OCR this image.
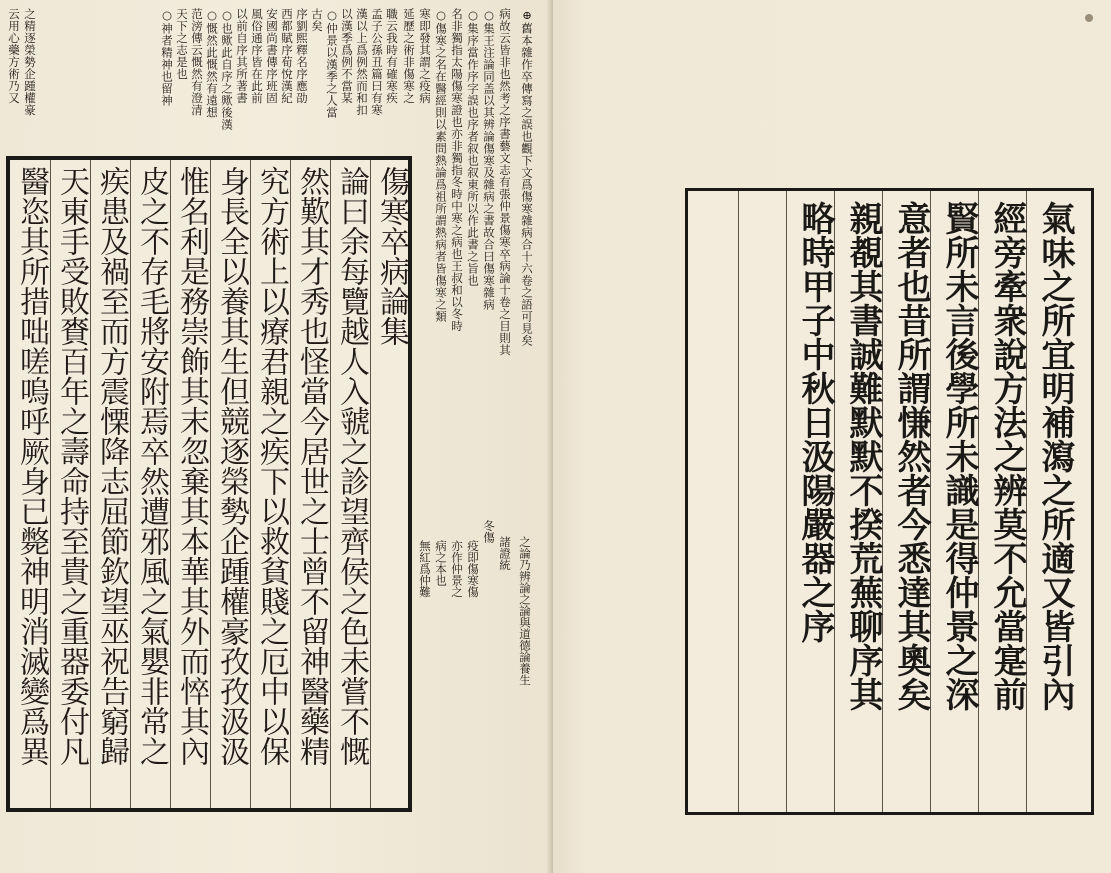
⊕舊本雜作卒傳寫之誤也觀下文爲傷寒雜病合十六卷之語可見矣
病故云皆非也然考之序書藝文志有張仲景傷寒卒病論十卷之目則其
○集王注論同盖以其辨論傷寒及雜病之書故合曰傷寒雜病
○集序當作序字誤也序者叙也叙東所以作此書之旨也
名非獨指太陽傷寒證也亦非獨指冬時中寒之病也王叔和以冬時
○傷寒之名在醫經則以素問熱論爲祖所謂熱病者皆傷寒之類
寒即發其謂之疫病
延歷之術非傷寒之
之論乃辨論之論與道德論養生
諸證統
冬傷
疫即傷寒傷
亦作仲景之
病之本也
無紅爲仲難
職云我時有確寒疾
孟子公孫丑篇曰有寒
漢以上爲例然而和扣
以漢季爲例不當某
○仲景以漢季之人當
古矣
序劉熙釋名序應劭
西都賦序荀悅漢紀
安國尚書傳序班固
風俗通序皆在此前
以前自序其所著書
○也歟此自序之歟後漢
○慨然此慨然有遠想
范滂傳云慨然有澄清
天下之志是也
○神者精神也留神
之精逐榮勢企踵權豪
云用心藥方術乃又
傷寒卒病論集
論曰余每覽越人入虢之診望齊侯之色未嘗不慨
然歎其才秀也怪當今居世之士曾不留神醫藥精
究方術上以療君親之疾下以救貧賤之厄中以保
身長全以養其生但競逐榮勢企踵權豪孜孜汲汲
惟名利是務崇飾其末忽棄其本華其外而悴其內
皮之不存毛將安附焉卒然遭邪風之氣嬰非常之
疾患及禍至而方震慄降志屈節欽望巫祝告窮歸
天東手受敗賚百年之壽命持至貴之重器委付凡
醫恣其所措咄嗟嗚呼厥身已斃神明消滅變爲異	氣味之所宜明補瀉之所適又皆引內
經旁牽衆說方法之辨莫不允當寔前
賢所未言後學所未識是得仲景之深
意者也昔所謂慊然者今悉達其奧矣
親覩其書誠難默默不揆荒蕪聊序其
略時甲子中秋日汲陽嚴器之序
